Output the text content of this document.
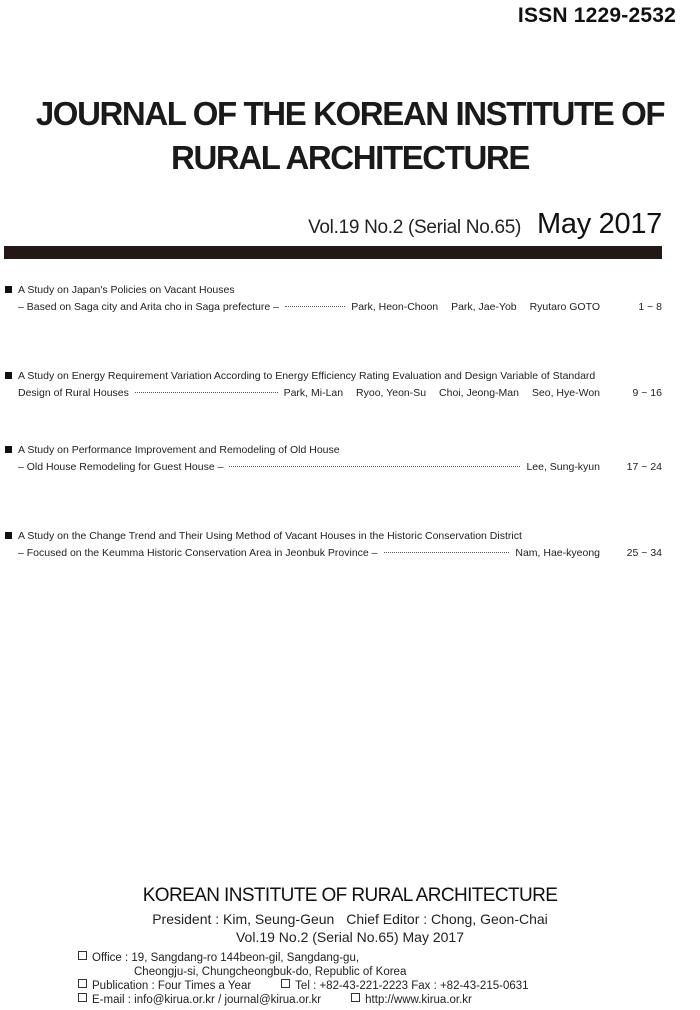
ISSN 1229-2532
JOURNAL OF THE KOREAN INSTITUTE OF
RURAL ARCHITECTURE
Vol.19 No.2 (Serial No.65) May 2017
A Study on Japan's Policies on Vacant Houses
– Based on Saga city and Arita cho in Saga prefecture –	Park, Heon-Choon Park, Jae-Yob Ryutaro GOTO	1 ~ 8
A Study on Energy Requirement Variation According to Energy Efficiency Rating Evaluation and Design Variable of Standard
Design of Rural Houses	Park, Mi-Lan Ryoo, Yeon-Su Choi, Jeong-Man Seo, Hye-Won	9 ~ 16
A Study on Performance Improvement and Remodeling of Old House
– Old House Remodeling for Guest House –	Lee, Sung-kyun	17 ~ 24
A Study on the Change Trend and Their Using Method of Vacant Houses in the Historic Conservation District
– Focused on the Keumma Historic Conservation Area in Jeonbuk Province –	Nam, Hae-kyeong	25 ~ 34
KOREAN INSTITUTE OF RURAL ARCHITECTURE
President : Kim, Seung-Geun Chief Editor : Chong, Geon-Chai
Vol.19 No.2 (Serial No.65) May 2017
Office : 19, Sangdang-ro 144beon-gil, Sangdang-gu,
Cheongju-si, Chungcheongbuk-do, Republic of Korea
Publication : Four Times a Year	Tel : +82-43-221-2223 Fax : +82-43-215-0631
E-mail : info@kirua.or.kr / journal@kirua.or.kr	http://www.kirua.or.kr
